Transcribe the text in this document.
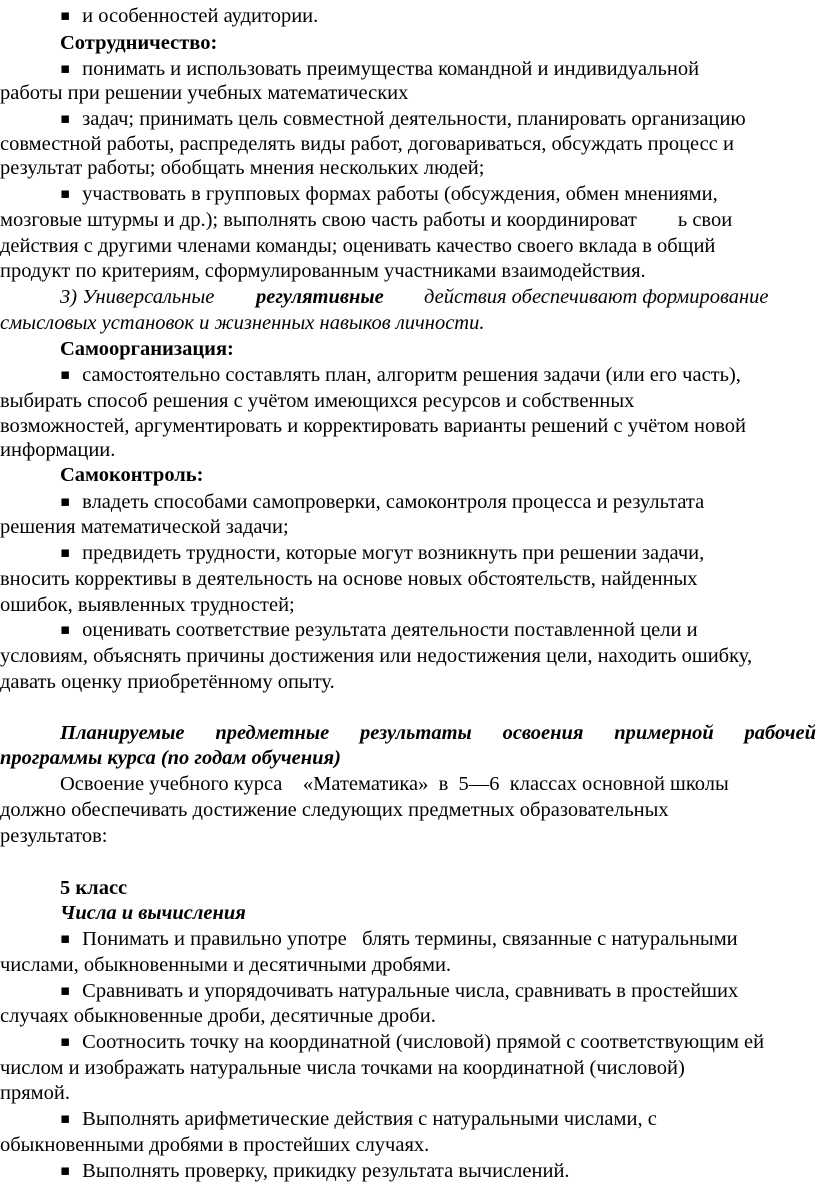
▪ и особенностей аудитории.
Сотрудничество:
▪ понимать и использовать преимущества командной и индивидуальной
работы при решении учебных математических
▪ задач; принимать цель совместной деятельности, планировать организацию
совместной работы, распределять виды работ, договариваться, обсуждать процесс и
результат работы; обобщать мнения нескольких людей;
▪ участвовать в групповых формах работы (обсуждения, обмен мнениями,
мозговые штурмы и др.); выполнять свою часть работы и координироват        ь свои
действия с другими членами команды; оценивать качество своего вклада в общий
продукт по критериям, сформулированным участниками взаимодействия.
3) Универсальные регулятивные действия обеспечивают формирование
смысловых установок и жизненных навыков личности.
Самоорганизация:
▪ самостоятельно составлять план, алгоритм решения задачи (или его часть),
выбирать способ решения с учётом имеющихся ресурсов и собственных
возможностей, аргументировать и корректировать варианты решений с учётом новой
информации.
Самоконтроль:
▪ владеть способами самопроверки, самоконтроля процесса и результата
решения математической задачи;
▪ предвидеть трудности, которые могут возникнуть при решении задачи,
вносить коррективы в деятельность на основе новых обстоятельств, найденных
ошибок, выявленных трудностей;
▪ оценивать соответствие результата деятельности поставленной цели и
условиям, объяснять причины достижения или недостижения цели, находить ошибку,
давать оценку приобретённому опыту.
Планируемые предметные результаты освоения примерной рабочей
программы курса (по годам обучения)
Освоение учебного курса    «Математика»  в  5—6  классах основной школы
должно обеспечивать достижение следующих предметных образовательных
результатов:
5 класс
Числа и вычисления
▪ Понимать и правильно употре   блять термины, связанные с натуральными
числами, обыкновенными и десятичными дробями.
▪ Сравнивать и упорядочивать натуральные числа, сравнивать в простейших
случаях обыкновенные дроби, десятичные дроби.
▪ Соотносить точку на координатной (числовой) прямой с соответствующим ей
числом и изображать натуральные числа точками на координатной (числовой)
прямой.
▪ Выполнять арифметические действия с натуральными числами, с
обыкновенными дробями в простейших случаях.
▪ Выполнять проверку, прикидку результата вычислений.
